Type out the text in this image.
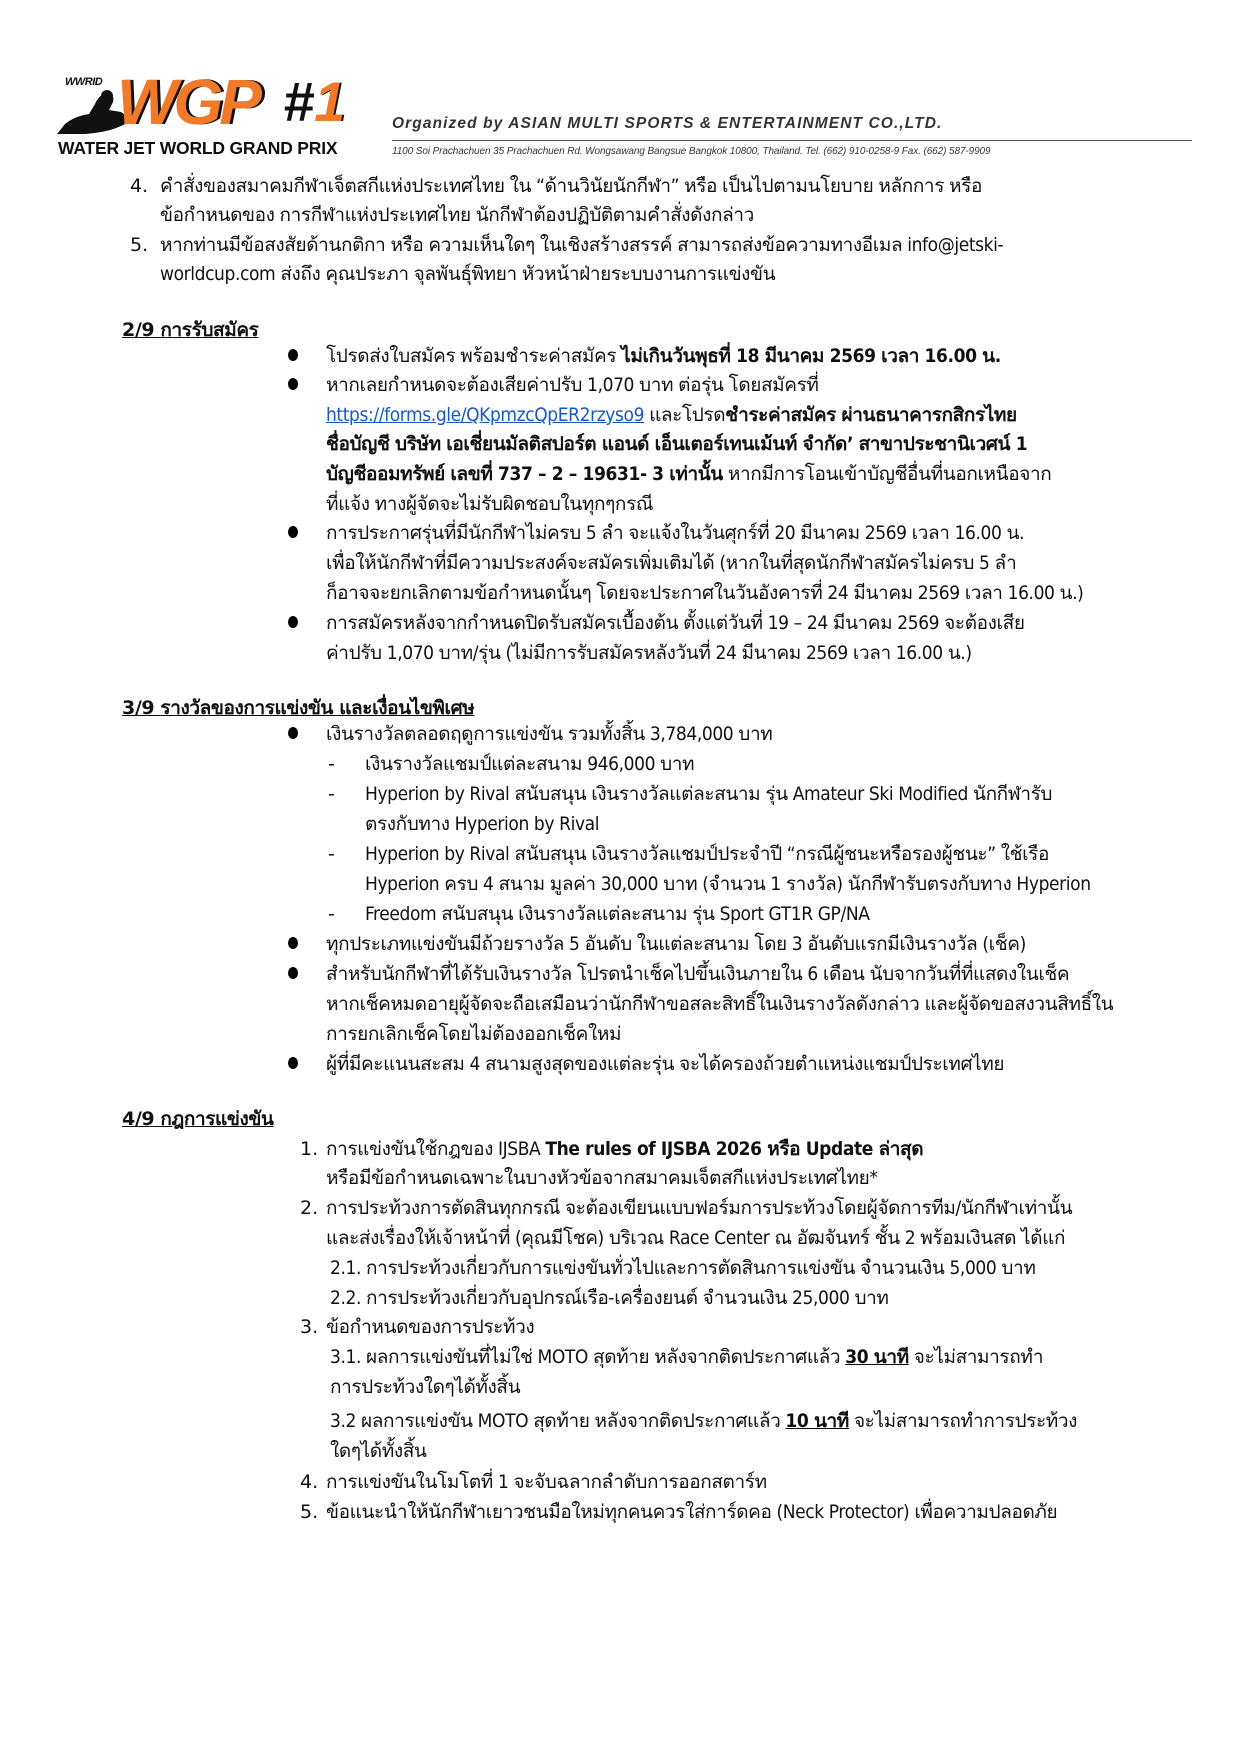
WWRID WGP #1
WATER JET WORLD GRAND PRIX
Organized by ASIAN MULTI SPORTS & ENTERTAINMENT CO.,LTD.
1100 Soi Prachachuen 35 Prachachuen Rd. Wongsawang Bangsue Bangkok 10800, Thailand. Tel. (662) 910-0258-9 Fax. (662) 587-9909
4. คำสั่งของสมาคมกีฬาเจ็ตสกีแห่งประเทศไทย ใน “ด้านวินัยนักกีฬา” หรือ เป็นไปตามนโยบาย หลักการ หรือ
ข้อกำหนดของ การกีฬาแห่งประเทศไทย นักกีฬาต้องปฏิบัติตามคำสั่งดังกล่าว
5. หากท่านมีข้อสงสัยด้านกติกา หรือ ความเห็นใดๆ ในเชิงสร้างสรรค์ สามารถส่งข้อความทางอีเมล info@jetski-
worldcup.com ส่งถึง คุณประภา จุลพันธุ์พิทยา หัวหน้าฝ่ายระบบงานการแข่งขัน
2/9 การรับสมัคร
โปรดส่งใบสมัคร พร้อมชำระค่าสมัคร ไม่เกินวันพุธที่ 18 มีนาคม 2569 เวลา 16.00 น.
หากเลยกำหนดจะต้องเสียค่าปรับ 1,070 บาท ต่อรุ่น โดยสมัครที่
https://forms.gle/QKpmzcQpER2rzyso9 และโปรดชำระค่าสมัคร ผ่านธนาคารกสิกรไทย
ชื่อบัญชี บริษัท เอเชี่ยนมัลติสปอร์ต แอนด์ เอ็นเตอร์เทนเม้นท์ จำกัด’ สาขาประชานิเวศน์ 1
บัญชีออมทรัพย์ เลขที่ 737 – 2 – 19631- 3 เท่านั้น หากมีการโอนเข้าบัญชีอื่นที่นอกเหนือจาก
ที่แจ้ง ทางผู้จัดจะไม่รับผิดชอบในทุกๆกรณี
การประกาศรุ่นที่มีนักกีฬาไม่ครบ 5 ลำ จะแจ้งในวันศุกร์ที่ 20 มีนาคม 2569 เวลา 16.00 น.
เพื่อให้นักกีฬาที่มีความประสงค์จะสมัครเพิ่มเติมได้ (หากในที่สุดนักกีฬาสมัครไม่ครบ 5 ลำ
ก็อาจจะยกเลิกตามข้อกำหนดนั้นๆ โดยจะประกาศในวันอังคารที่ 24 มีนาคม 2569 เวลา 16.00 น.)
การสมัครหลังจากกำหนดปิดรับสมัครเบื้องต้น ตั้งแต่วันที่ 19 – 24 มีนาคม 2569 จะต้องเสีย
ค่าปรับ 1,070 บาท/รุ่น (ไม่มีการรับสมัครหลังวันที่ 24 มีนาคม 2569 เวลา 16.00 น.)
3/9 รางวัลของการแข่งขัน และเงื่อนไขพิเศษ
เงินรางวัลตลอดฤดูการแข่งขัน รวมทั้งสิ้น 3,784,000 บาท
- เงินรางวัลแชมป์แต่ละสนาม 946,000 บาท
- Hyperion by Rival สนับสนุน เงินรางวัลแต่ละสนาม รุ่น Amateur Ski Modified นักกีฬารับ
ตรงกับทาง Hyperion by Rival
- Hyperion by Rival สนับสนุน เงินรางวัลแชมป์ประจำปี “กรณีผู้ชนะหรือรองผู้ชนะ” ใช้เรือ
Hyperion ครบ 4 สนาม มูลค่า 30,000 บาท (จำนวน 1 รางวัล) นักกีฬารับตรงกับทาง Hyperion
- Freedom สนับสนุน เงินรางวัลแต่ละสนาม รุ่น Sport GT1R GP/NA
ทุกประเภทแข่งขันมีถ้วยรางวัล 5 อันดับ ในแต่ละสนาม โดย 3 อันดับแรกมีเงินรางวัล (เช็ค)
สำหรับนักกีฬาที่ได้รับเงินรางวัล โปรดนำเช็คไปขึ้นเงินภายใน 6 เดือน นับจากวันที่ที่แสดงในเช็ค
หากเช็คหมดอายุผู้จัดจะถือเสมือนว่านักกีฬาขอสละสิทธิ์ในเงินรางวัลดังกล่าว และผู้จัดขอสงวนสิทธิ์ใน
การยกเลิกเช็คโดยไม่ต้องออกเช็คใหม่
ผู้ที่มีคะแนนสะสม 4 สนามสูงสุดของแต่ละรุ่น จะได้ครองถ้วยตำแหน่งแชมป์ประเทศไทย
4/9 กฎการแข่งขัน
1. การแข่งขันใช้กฎของ IJSBA The rules of IJSBA 2026 หรือ Update ล่าสุด
หรือมีข้อกำหนดเฉพาะในบางหัวข้อจากสมาคมเจ็ตสกีแห่งประเทศไทย*
2. การประท้วงการตัดสินทุกกรณี จะต้องเขียนแบบฟอร์มการประท้วงโดยผู้จัดการทีม/นักกีฬาเท่านั้น
และส่งเรื่องให้เจ้าหน้าที่ (คุณมีโชค) บริเวณ Race Center ณ อัฒจันทร์ ชั้น 2 พร้อมเงินสด ได้แก่
2.1. การประท้วงเกี่ยวกับการแข่งขันทั่วไปและการตัดสินการแข่งขัน จำนวนเงิน 5,000 บาท
2.2. การประท้วงเกี่ยวกับอุปกรณ์เรือ-เครื่องยนต์ จำนวนเงิน 25,000 บาท
3. ข้อกำหนดของการประท้วง
3.1. ผลการแข่งขันที่ไม่ใช่ MOTO สุดท้าย หลังจากติดประกาศแล้ว 30 นาที จะไม่สามารถทำ
การประท้วงใดๆได้ทั้งสิ้น
3.2 ผลการแข่งขัน MOTO สุดท้าย หลังจากติดประกาศแล้ว 10 นาที จะไม่สามารถทำการประท้วง
ใดๆได้ทั้งสิ้น
4. การแข่งขันในโมโตที่ 1 จะจับฉลากลำดับการออกสตาร์ท
5. ข้อแนะนำให้นักกีฬาเยาวชนมือใหม่ทุกคนควรใส่การ์ดคอ (Neck Protector) เพื่อความปลอดภัย
